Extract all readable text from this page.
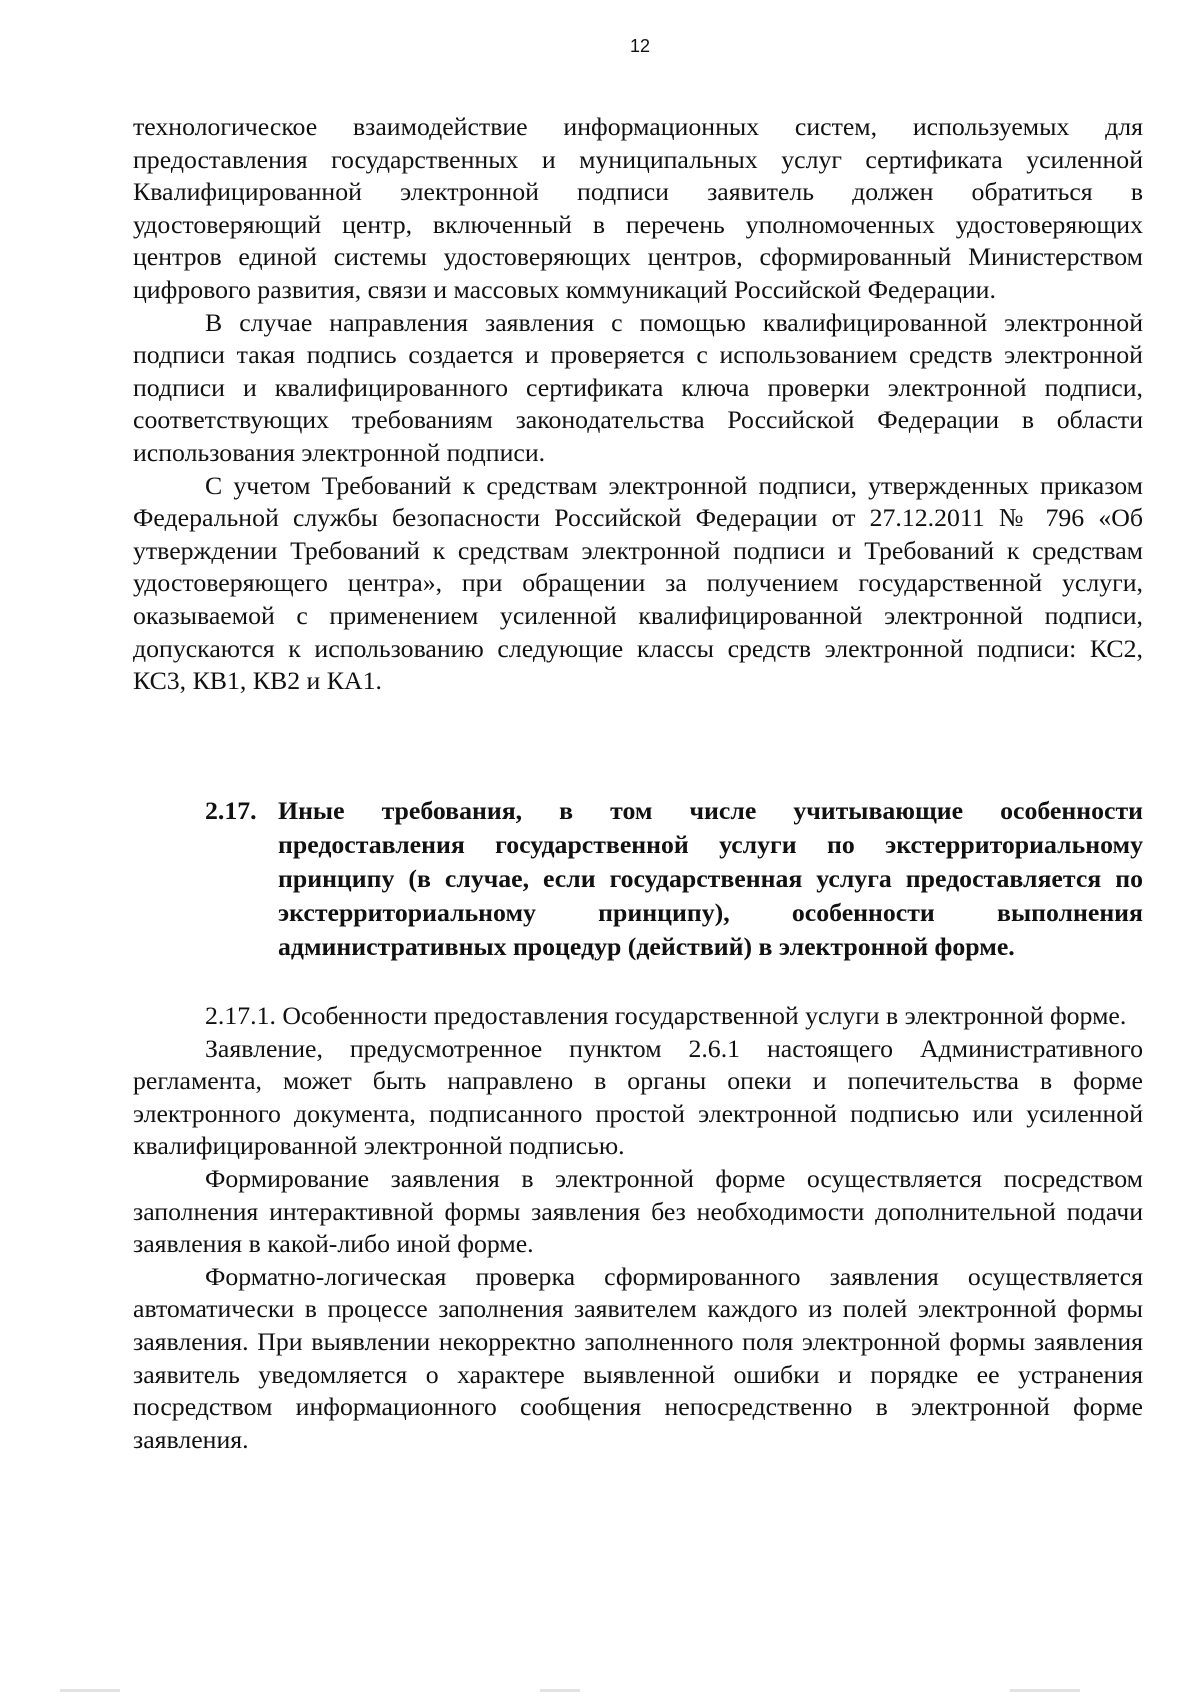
12

технологическое взаимодействие информационных систем, используемых для предоставления государственных и муниципальных услуг сертификата усиленной Квалифицированной электронной подписи заявитель должен обратиться в удостоверяющий центр, включенный в перечень уполномоченных удостоверяющих центров единой системы удостоверяющих центров, сформированный Министерством цифрового развития, связи и массовых коммуникаций Российской Федерации.

В случае направления заявления с помощью квалифицированной электронной подписи такая подпись создается и проверяется с использованием средств электронной подписи и квалифицированного сертификата ключа проверки электронной подписи, соответствующих требованиям законодательства Российской Федерации в области использования электронной подписи.

С учетом Требований к средствам электронной подписи, утвержденных приказом Федеральной службы безопасности Российской Федерации от 27.12.2011 № 796 «Об утверждении Требований к средствам электронной подписи и Требований к средствам удостоверяющего центра», при обращении за получением государственной услуги, оказываемой с применением усиленной квалифицированной электронной подписи, допускаются к использованию следующие классы средств электронной подписи: КС2, КС3, КВ1, КВ2 и КА1.

2.17. Иные требования, в том числе учитывающие особенности предоставления государственной услуги по экстерриториальному принципу (в случае, если государственная услуга предоставляется по экстерриториальному принципу), особенности выполнения административных процедур (действий) в электронной форме.

2.17.1. Особенности предоставления государственной услуги в электронной форме.

Заявление, предусмотренное пунктом 2.6.1 настоящего Административного регламента, может быть направлено в органы опеки и попечительства в форме электронного документа, подписанного простой электронной подписью или усиленной квалифицированной электронной подписью.

Формирование заявления в электронной форме осуществляется посредством заполнения интерактивной формы заявления без необходимости дополнительной подачи заявления в какой-либо иной форме.

Форматно-логическая проверка сформированного заявления осуществляется автоматически в процессе заполнения заявителем каждого из полей электронной формы заявления. При выявлении некорректно заполненного поля электронной формы заявления заявитель уведомляется о характере выявленной ошибки и порядке ее устранения посредством информационного сообщения непосредственно в электронной форме заявления.
